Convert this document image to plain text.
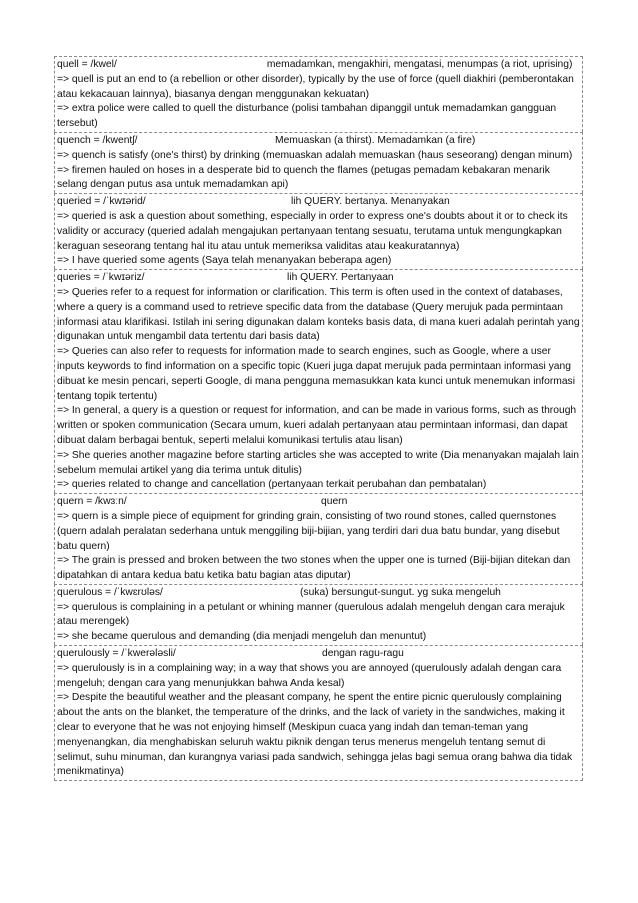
quell = /kwel/	memadamkan, mengakhiri, mengatasi, menumpas (a riot, uprising)

=> quell is put an end to (a rebellion or other disorder), typically by the use of force (quell diakhiri (pemberontakan atau kekacauan lainnya), biasanya dengan menggunakan kekuatan)

=> extra police were called to quell the disturbance (polisi tambahan dipanggil untuk memadamkan gangguan tersebut)

quench = /kwentʃ/	Memuaskan (a thirst). Memadamkan (a fire)

=> quench is satisfy (one's thirst) by drinking (memuaskan adalah memuaskan (haus seseorang) dengan minum)

=> firemen hauled on hoses in a desperate bid to quench the flames (petugas pemadam kebakaran menarik selang dengan putus asa untuk memadamkan api)

queried = /ˈkwɪərid/	lih QUERY. bertanya. Menanyakan

=> queried is ask a question about something, especially in order to express one's doubts about it or to check its validity or accuracy (queried adalah mengajukan pertanyaan tentang sesuatu, terutama untuk mengungkapkan keraguan seseorang tentang hal itu atau untuk memeriksa validitas atau keakuratannya)

=> I have queried some agents (Saya telah menanyakan beberapa agen)

queries = /ˈkwɪəriz/	lih QUERY. Pertanyaan

=> Queries refer to a request for information or clarification. This term is often used in the context of databases, where a query is a command used to retrieve specific data from the database (Query merujuk pada permintaan informasi atau klarifikasi. Istilah ini sering digunakan dalam konteks basis data, di mana kueri adalah perintah yang digunakan untuk mengambil data tertentu dari basis data)

=> Queries can also refer to requests for information made to search engines, such as Google, where a user inputs keywords to find information on a specific topic (Kueri juga dapat merujuk pada permintaan informasi yang dibuat ke mesin pencari, seperti Google, di mana pengguna memasukkan kata kunci untuk menemukan informasi tentang topik tertentu)

=> In general, a query is a question or request for information, and can be made in various forms, such as through written or spoken communication (Secara umum, kueri adalah pertanyaan atau permintaan informasi, dan dapat dibuat dalam berbagai bentuk, seperti melalui komunikasi tertulis atau lisan)

=> She queries another magazine before starting articles she was accepted to write (Dia menanyakan majalah lain sebelum memulai artikel yang dia terima untuk ditulis)

=> queries related to change and cancellation (pertanyaan terkait perubahan dan pembatalan)

quern = /kwɜːn/	quern

=> quern is a simple piece of equipment for grinding grain, consisting of two round stones, called quernstones (quern adalah peralatan sederhana untuk menggiling biji-bijian, yang terdiri dari dua batu bundar, yang disebut batu quern)

=> The grain is pressed and broken between the two stones when the upper one is turned (Biji-bijian ditekan dan dipatahkan di antara kedua batu ketika batu bagian atas diputar)

querulous = /ˈkwɛrʊləs/	(suka) bersungut-sungut. yg suka mengeluh

=> querulous is complaining in a petulant or whining manner (querulous adalah mengeluh dengan cara merajuk atau merengek)

=> she became querulous and demanding (dia menjadi mengeluh dan menuntut)

querulously = /ˈkwerələsli/	dengan ragu-ragu

=> querulously is in a complaining way; in a way that shows you are annoyed (querulously adalah dengan cara mengeluh; dengan cara yang menunjukkan bahwa Anda kesal)

=> Despite the beautiful weather and the pleasant company, he spent the entire picnic querulously complaining about the ants on the blanket, the temperature of the drinks, and the lack of variety in the sandwiches, making it clear to everyone that he was not enjoying himself (Meskipun cuaca yang indah dan teman-teman yang menyenangkan, dia menghabiskan seluruh waktu piknik dengan terus menerus mengeluh tentang semut di selimut, suhu minuman, dan kurangnya variasi pada sandwich, sehingga jelas bagi semua orang bahwa dia tidak menikmatinya)
